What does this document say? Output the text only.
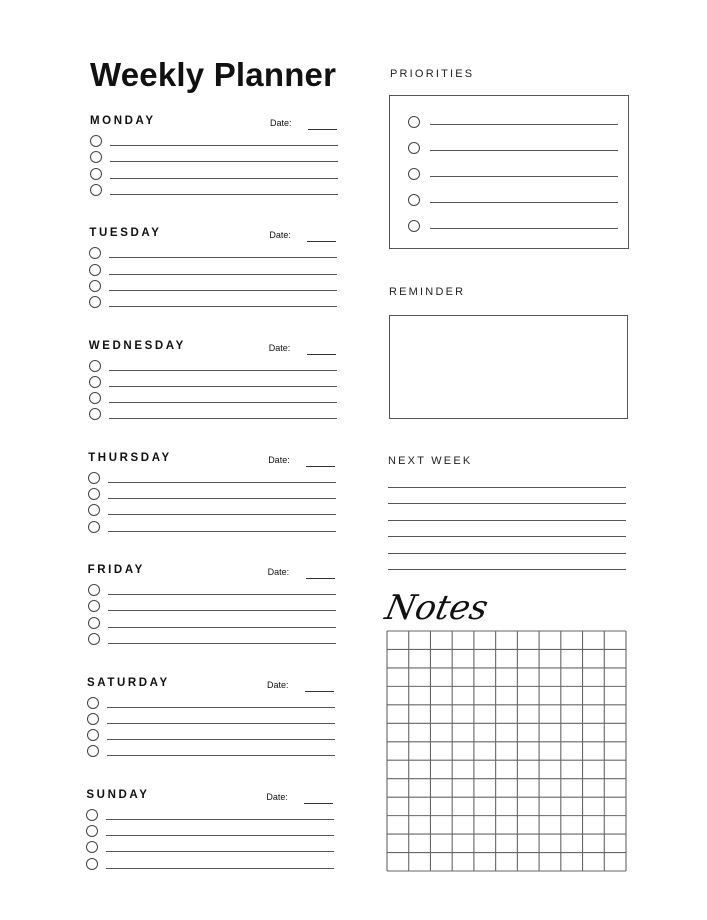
Weekly Planner
MONDAY	Date:
TUESDAY	Date:
WEDNESDAY	Date:
THURSDAY	Date:
FRIDAY	Date:
SATURDAY	Date:
SUNDAY	Date:
PRIORITIES
REMINDER
NEXT WEEK
Notes
